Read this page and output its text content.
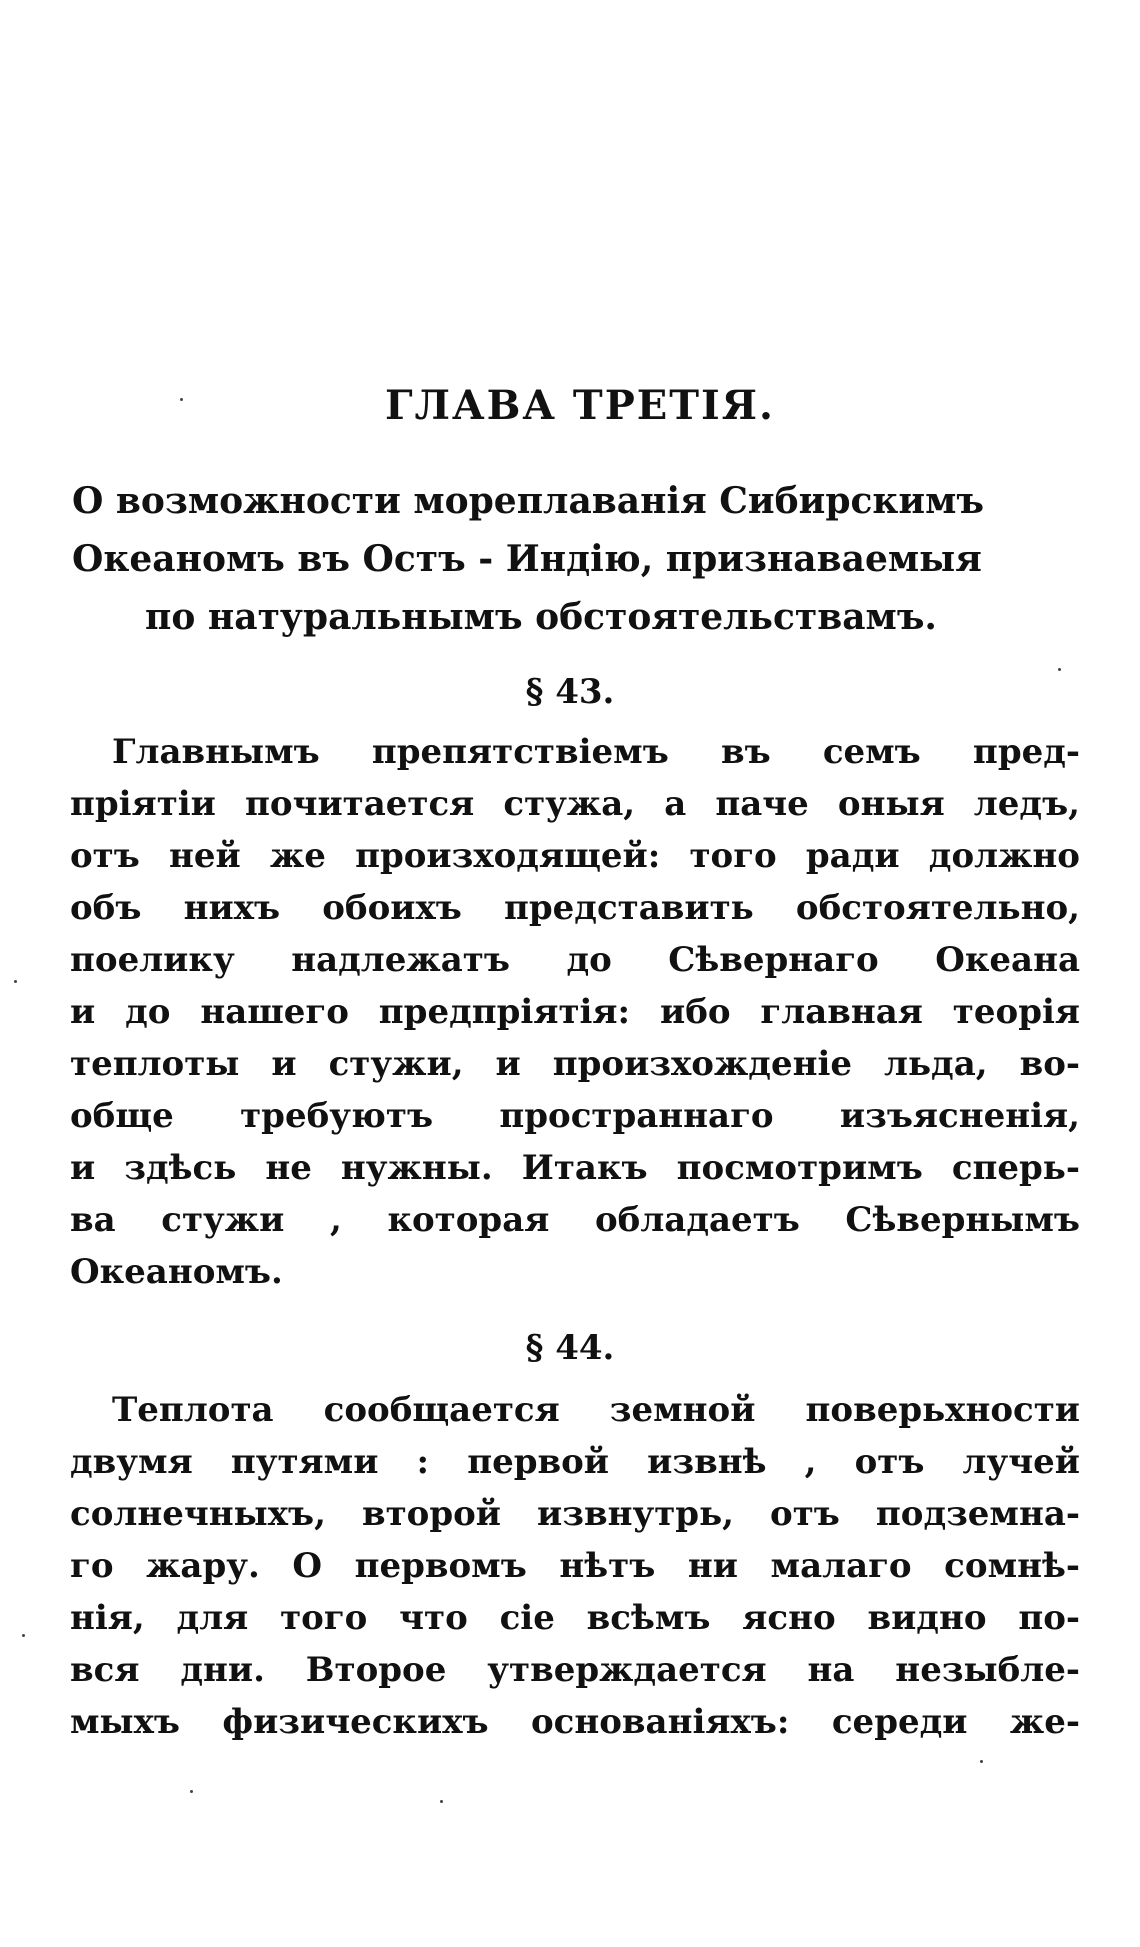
ГЛАВА ТРЕТІЯ.

О возможности мореплаванія Сибирскимъ

Океаномъ въ Остъ - Индію, признаваемыя

по натуральнымъ обстоятельствамъ.

§ 43.

Главнымъ препятствіемъ въ семъ пред-

пріятіи почитается стужа, а паче оныя ледъ,

отъ ней же произходящей: того ради должно

объ нихъ обоихъ представить обстоятельно,

поелику надлежатъ до Сѣвернаго Океана

и до нашего предпріятія: ибо главная теорія

теплоты и стужи, и произхожденіе льда, во-

обще требуютъ пространнаго изъясненія,

и здѣсь не нужны. Итакъ посмотримъ сперь-

ва стужи , которая обладаетъ Сѣвернымъ

Океаномъ.

§ 44.

Теплота сообщается земной поверьхности

двумя путями : первой извнѣ , отъ лучей

солнечныхъ, второй извнутрь, отъ подземна-

го жару. О первомъ нѣтъ ни малаго сомнѣ-

нія, для того что сіе всѣмъ ясно видно по-

вся дни. Второе утверждается на незыбле-

мыхъ физическихъ основаніяхъ: середи же-
